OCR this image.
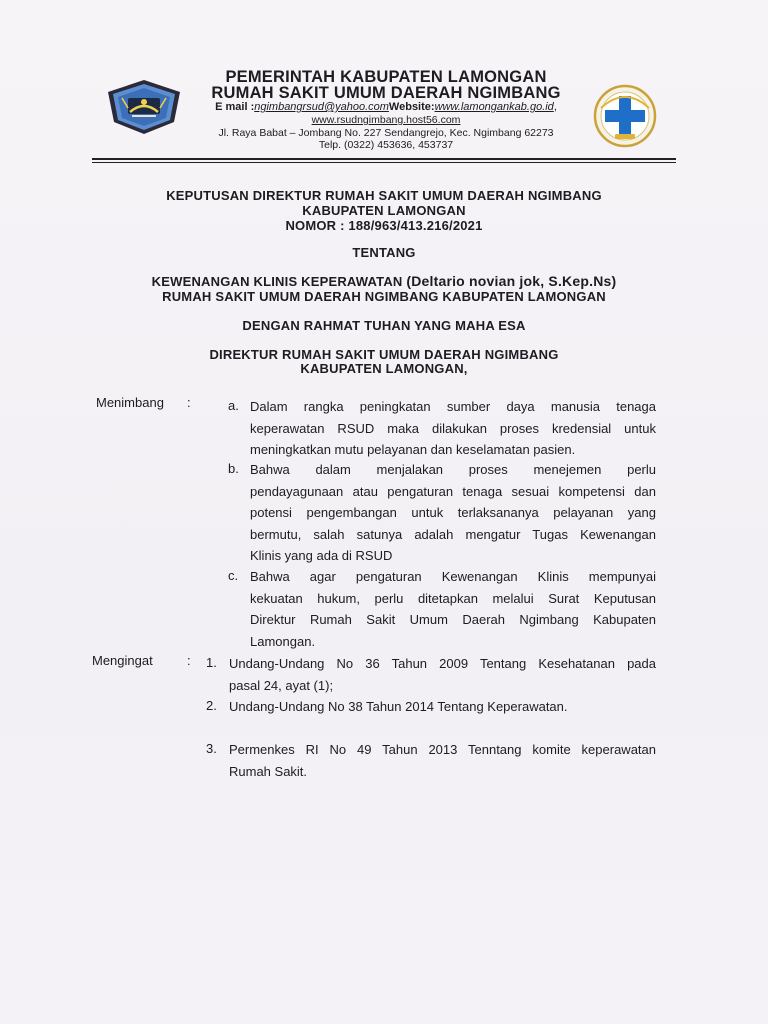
PEMERINTAH KABUPATEN LAMONGAN
RUMAH SAKIT UMUM DAERAH NGIMBANG
E mail :ngimbangrsud@yahoo.comWebsite:www.lamongankab.go.id,
www.rsudngimbang.host56.com
Jl. Raya Babat – Jombang No. 227 Sendangrejo, Kec. Ngimbang 62273
Telp. (0322) 453636, 453737
KEPUTUSAN DIREKTUR RUMAH SAKIT UMUM DAERAH NGIMBANG
KABUPATEN LAMONGAN
NOMOR : 188/963/413.216/2021
TENTANG
KEWENANGAN KLINIS KEPERAWATAN (Deltario novian jok, S.Kep.Ns)
RUMAH SAKIT UMUM DAERAH NGIMBANG KABUPATEN LAMONGAN
DENGAN RAHMAT TUHAN YANG MAHA ESA
DIREKTUR RUMAH SAKIT UMUM DAERAH NGIMBANG
KABUPATEN LAMONGAN,
Menimbang :	a. Dalam rangka peningkatan sumber daya manusia tenaga
keperawatan RSUD maka dilakukan proses kredensial untuk
meningkatkan mutu pelayanan dan keselamatan pasien.
b. Bahwa dalam menjalakan proses menejemen perlu
pendayagunaan atau pengaturan tenaga sesuai kompetensi dan
potensi pengembangan untuk terlaksananya pelayanan yang
bermutu, salah satunya adalah mengatur Tugas Kewenangan
Klinis yang ada di RSUD
c. Bahwa agar pengaturan Kewenangan Klinis mempunyai
kekuatan hukum, perlu ditetapkan melalui Surat Keputusan
Direktur Rumah Sakit Umum Daerah Ngimbang Kabupaten
Lamongan.
Mengingat	: 1. Undang-Undang No 36 Tahun 2009 Tentang Kesehatanan pada
pasal 24, ayat (1);
2. Undang-Undang No 38 Tahun 2014 Tentang Keperawatan.
3. Permenkes RI No 49 Tahun 2013 Tenntang komite keperawatan
Rumah Sakit.
